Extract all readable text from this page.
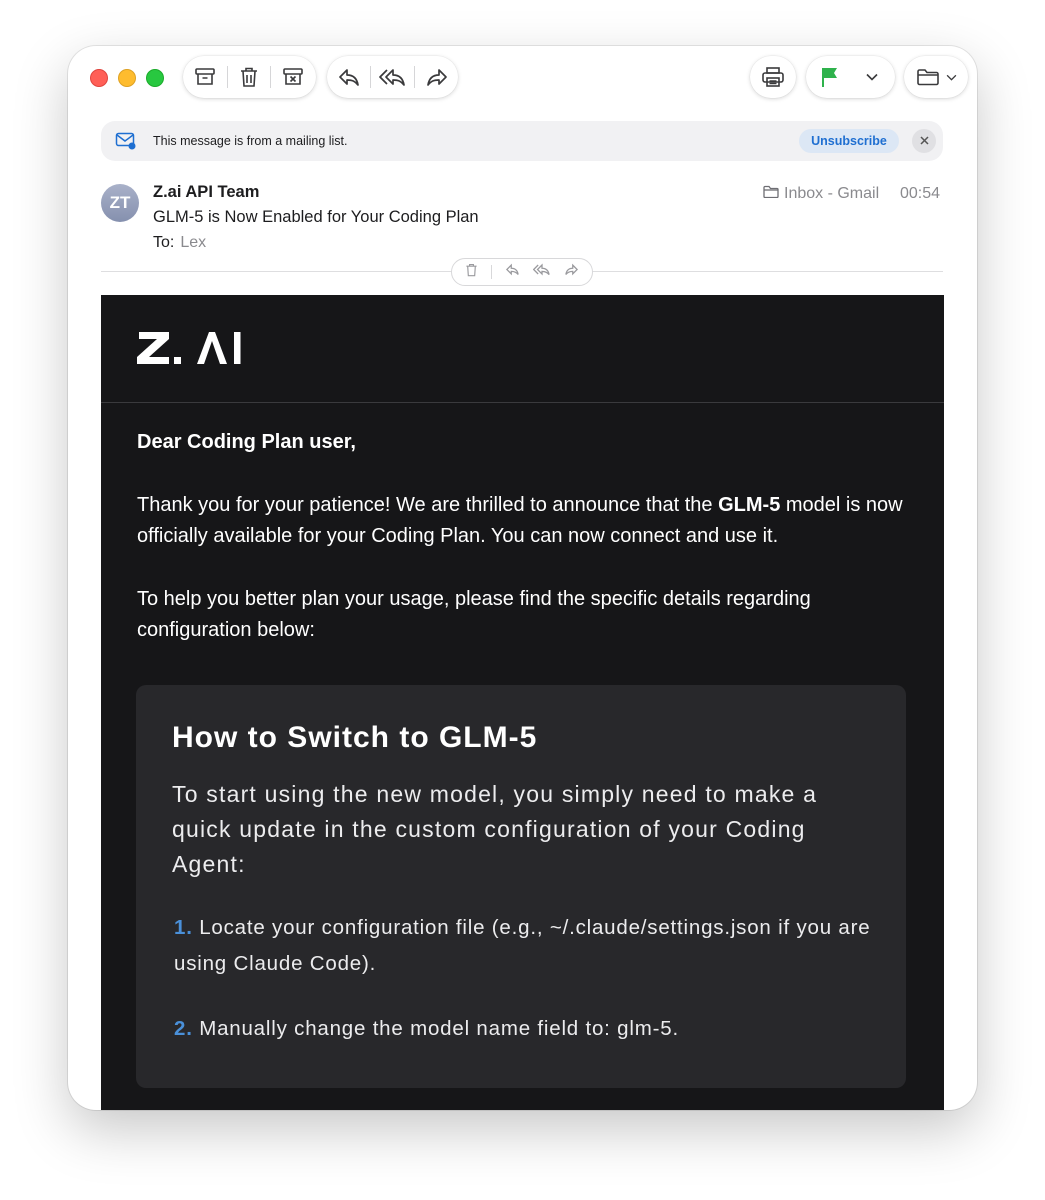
This message is from a mailing list.	Unsubscribe
ZT
Z.ai API Team
GLM-5 is Now Enabled for Your Coding Plan
To: Lex
Inbox - Gmail 00:54
Dear Coding Plan user,
Thank you for your patience! We are thrilled to announce that the GLM-5 model is now officially available for your Coding Plan. You can now connect and use it.
To help you better plan your usage, please find the specific details regarding configuration below:
How to Switch to GLM-5
To start using the new model, you simply need to make a quick update in the custom configuration of your Coding Agent:
1. Locate your configuration file (e.g., ~/.claude/settings.json if you are using Claude Code).
2. Manually change the model name field to: glm-5.
